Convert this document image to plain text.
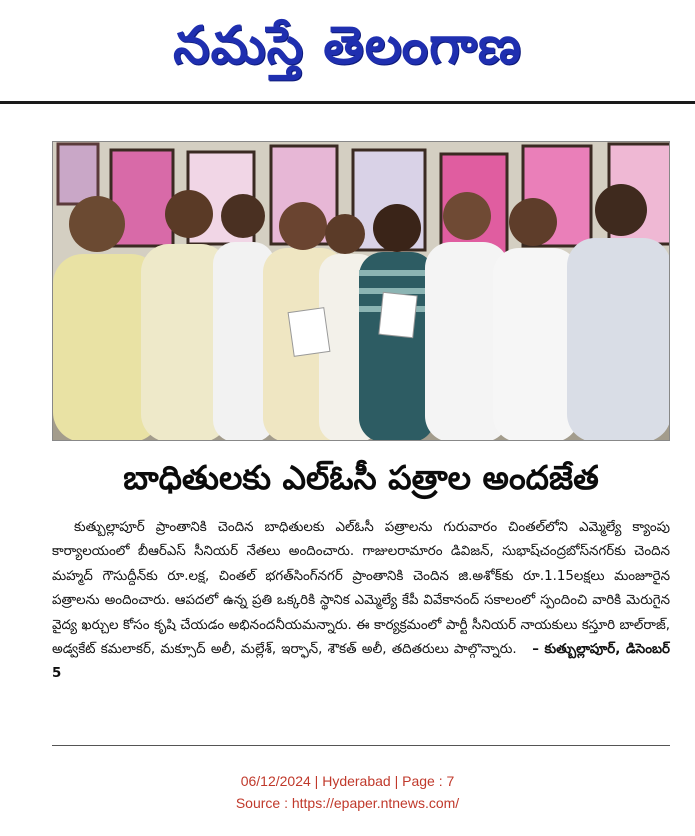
నమస్తే తెలంగాణ
బాధితులకు ఎల్‌ఓసీ పత్రాల అందజేత

కుత్బుల్లాపూర్ ప్రాంతానికి చెందిన బాధితులకు ఎల్‌ఓసీ పత్రాలను గురువారం చింతల్‌లోని ఎమ్మెల్యే క్యాంపు కార్యాలయంలో బీఆర్‌ఎస్ సీనియర్ నేతలు అందించారు. గాజులరామారం డివిజన్, సుభాష్‌చంద్రబోస్‌నగర్‌కు చెందిన మహ్మద్ గౌసుద్దీన్‌కు రూ.లక్ష, చింతల్ భగత్‌సింగ్‌నగర్ ప్రాంతానికి చెందిన జి.అశోక్‌కు రూ.1.15లక్షలు మంజూరైన పత్రాలను అందించారు. ఆపదలో ఉన్న ప్రతి ఒక్కరికి స్థానిక ఎమ్మెల్యే కేపీ వివేకానంద్ సకాలంలో స్పందించి వారికి మెరుగైన వైద్య ఖర్చుల కోసం కృషి చేయడం అభినందనీయమన్నారు. ఈ కార్యక్రమంలో పార్టీ సీనియర్ నాయకులు కస్తూరి బాల్‌రాజ్, అడ్వకేట్ కమలాకర్, మక్సూద్ అలీ, మల్లేశ్, ఇర్ఫాన్, శౌకత్ అలీ, తదితరులు పాల్గొన్నారు. – కుత్బుల్లాపూర్, డిసెంబర్ 5

06/12/2024 | Hyderabad | Page : 7
Source : https://epaper.ntnews.com/
